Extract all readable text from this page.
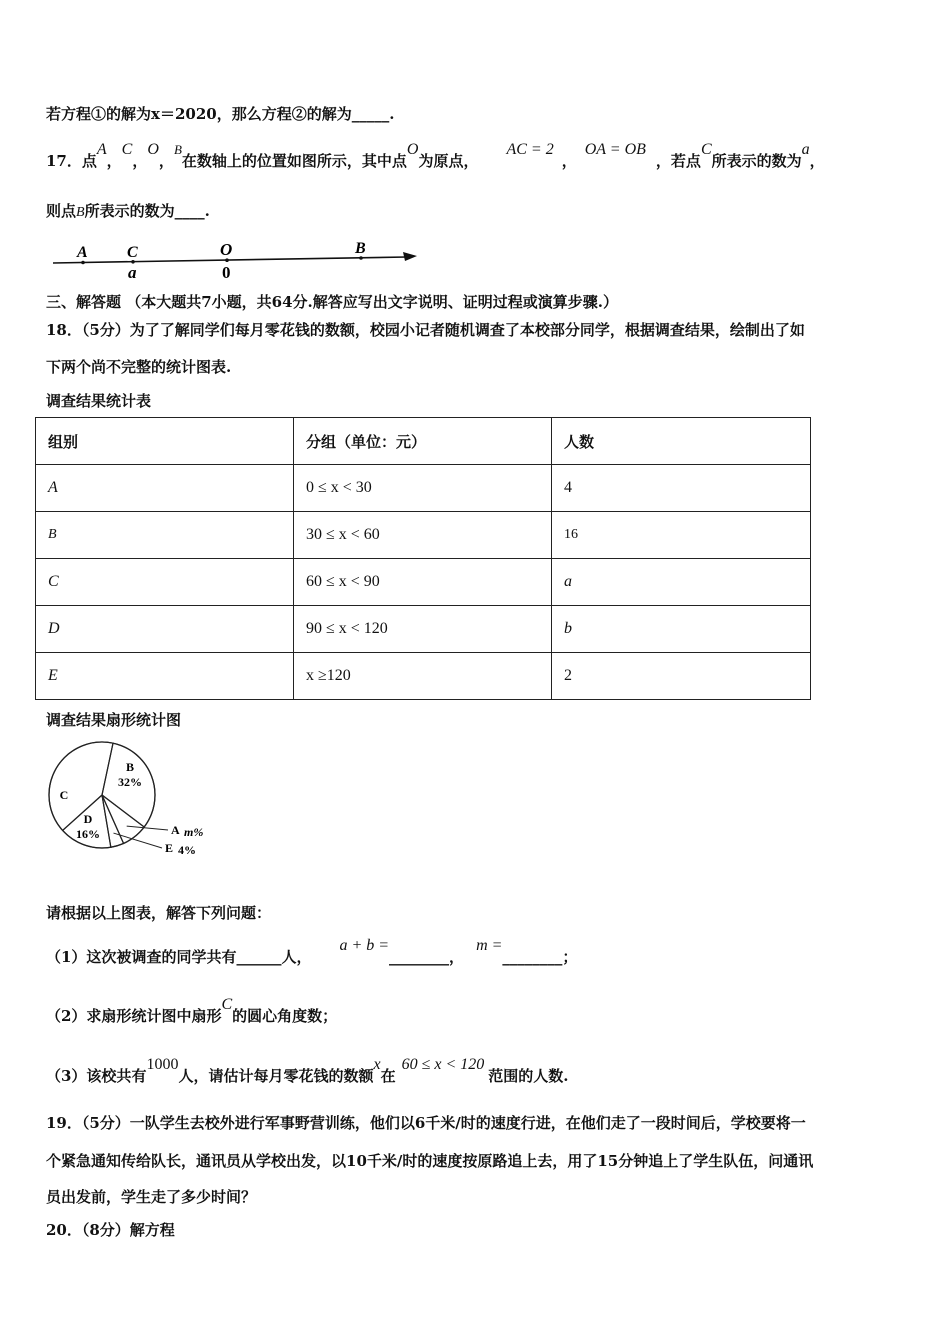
若方程①的解为x＝2020，那么方程②的解为_____.
17．点A，C，O，B在数轴上的位置如图所示，其中点O为原点，AC = 2，OA = OB，若点C所表示的数为a，
则点B所表示的数为____.
A C	O	B
a	0
三、解答题 （本大题共7小题，共64分.解答应写出文字说明、证明过程或演算步骤.）
18．（5分）为了了解同学们每月零花钱的数额，校园小记者随机调查了本校部分同学，根据调查结果，绘制出了如
下两个尚不完整的统计图表.
调查结果统计表
组别	分组（单位：元）	人数
A	0 ≤ x < 30	4
B	30 ≤ x < 60	16
C	60 ≤ x < 90	a
D	90 ≤ x < 120	b
E	x ≥120	2
调查结果扇形统计图
B
32%
A m%
E 4%
D
16%
C
请根据以上图表，解答下列问题：
（1）这次被调查的同学共有______人，a + b =________，m =________；
（2）求扇形统计图中扇形C的圆心角度数；
（3）该校共有1000人，请估计每月零花钱的数额x在60 ≤ x < 120范围的人数.
19．（5分）一队学生去校外进行军事野营训练，他们以6千米/时的速度行进，在他们走了一段时间后，学校要将一
个紧急通知传给队长，通讯员从学校出发，以10千米/时的速度按原路追上去，用了15分钟追上了学生队伍，问通讯
员出发前，学生走了多少时间？
20．（8分）解方程
